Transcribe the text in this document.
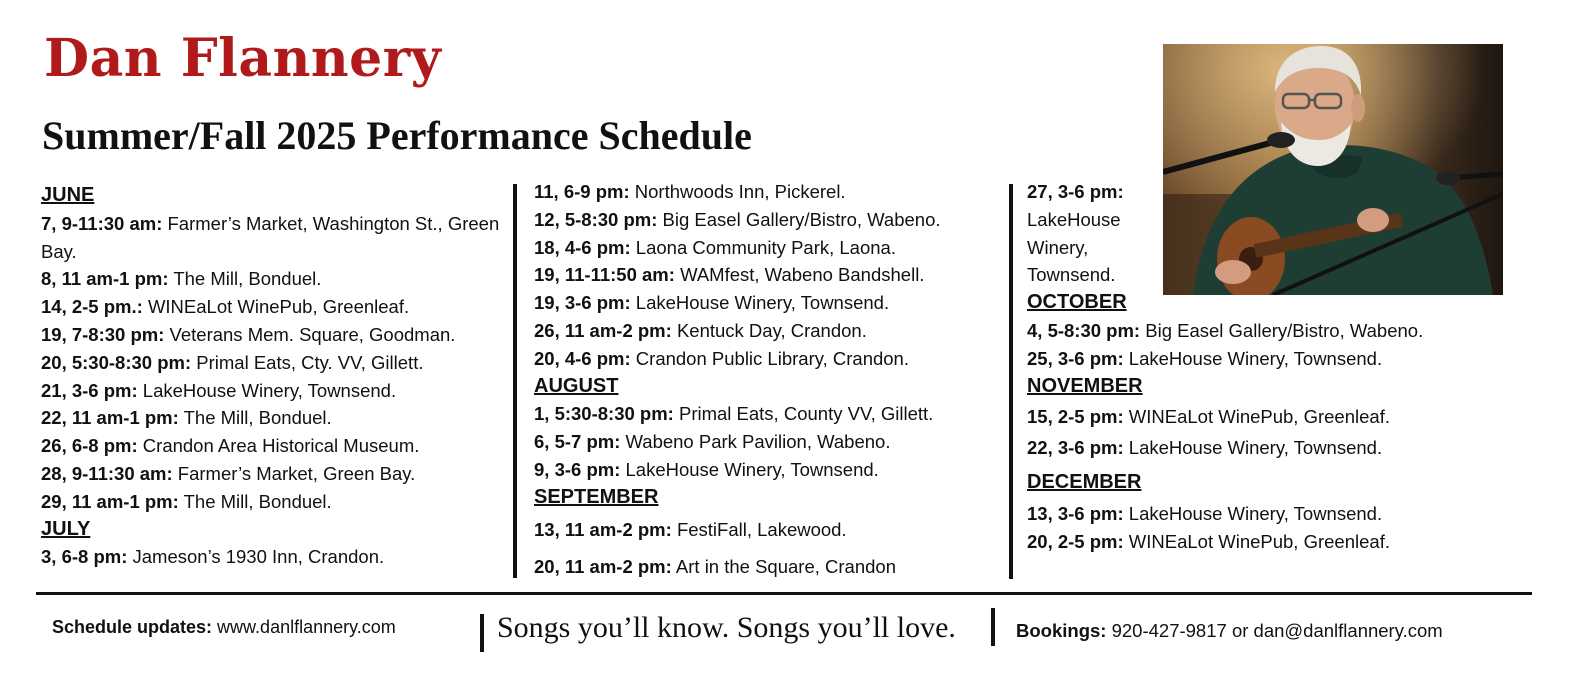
Dan Flannery
Summer/Fall 2025 Performance Schedule
JUNE
7, 9-11:30 am: Farmer’s Market, Washington St., Green Bay.
8, 11 am-1 pm: The Mill, Bonduel.
14, 2-5 pm.: WINEaLot WinePub, Greenleaf.
19, 7-8:30 pm: Veterans Mem. Square, Goodman.
20, 5:30-8:30 pm: Primal Eats, Cty. VV, Gillett.
21, 3-6 pm: LakeHouse Winery, Townsend.
22, 11 am-1 pm: The Mill, Bonduel.
26, 6-8 pm: Crandon Area Historical Museum.
28, 9-11:30 am: Farmer’s Market, Green Bay.
29, 11 am-1 pm: The Mill, Bonduel.
JULY
3, 6-8 pm: Jameson’s 1930 Inn, Crandon.
11, 6-9 pm: Northwoods Inn, Pickerel.
12, 5-8:30 pm: Big Easel Gallery/Bistro, Wabeno.
18, 4-6 pm: Laona Community Park, Laona.
19, 11-11:50 am: WAMfest, Wabeno Bandshell.
19, 3-6 pm: LakeHouse Winery, Townsend.
26, 11 am-2 pm: Kentuck Day, Crandon.
20, 4-6 pm: Crandon Public Library, Crandon.
AUGUST
1, 5:30-8:30 pm: Primal Eats, County VV, Gillett.
6, 5-7 pm: Wabeno Park Pavilion, Wabeno.
9, 3-6 pm: LakeHouse Winery, Townsend.
SEPTEMBER
13, 11 am-2 pm: FestiFall, Lakewood.
20, 11 am-2 pm: Art in the Square, Crandon
27, 3-6 pm: LakeHouse Winery, Townsend.
OCTOBER
4, 5-8:30 pm: Big Easel Gallery/Bistro, Wabeno.
25, 3-6 pm: LakeHouse Winery, Townsend.
NOVEMBER
15, 2-5 pm: WINEaLot WinePub, Greenleaf.
22, 3-6 pm: LakeHouse Winery, Townsend.
DECEMBER
13, 3-6 pm: LakeHouse Winery, Townsend.
20, 2-5 pm: WINEaLot WinePub, Greenleaf.
Schedule updates: www.danlflannery.com	Songs you’ll know. Songs you’ll love.	Bookings: 920-427-9817 or dan@danlflannery.com
